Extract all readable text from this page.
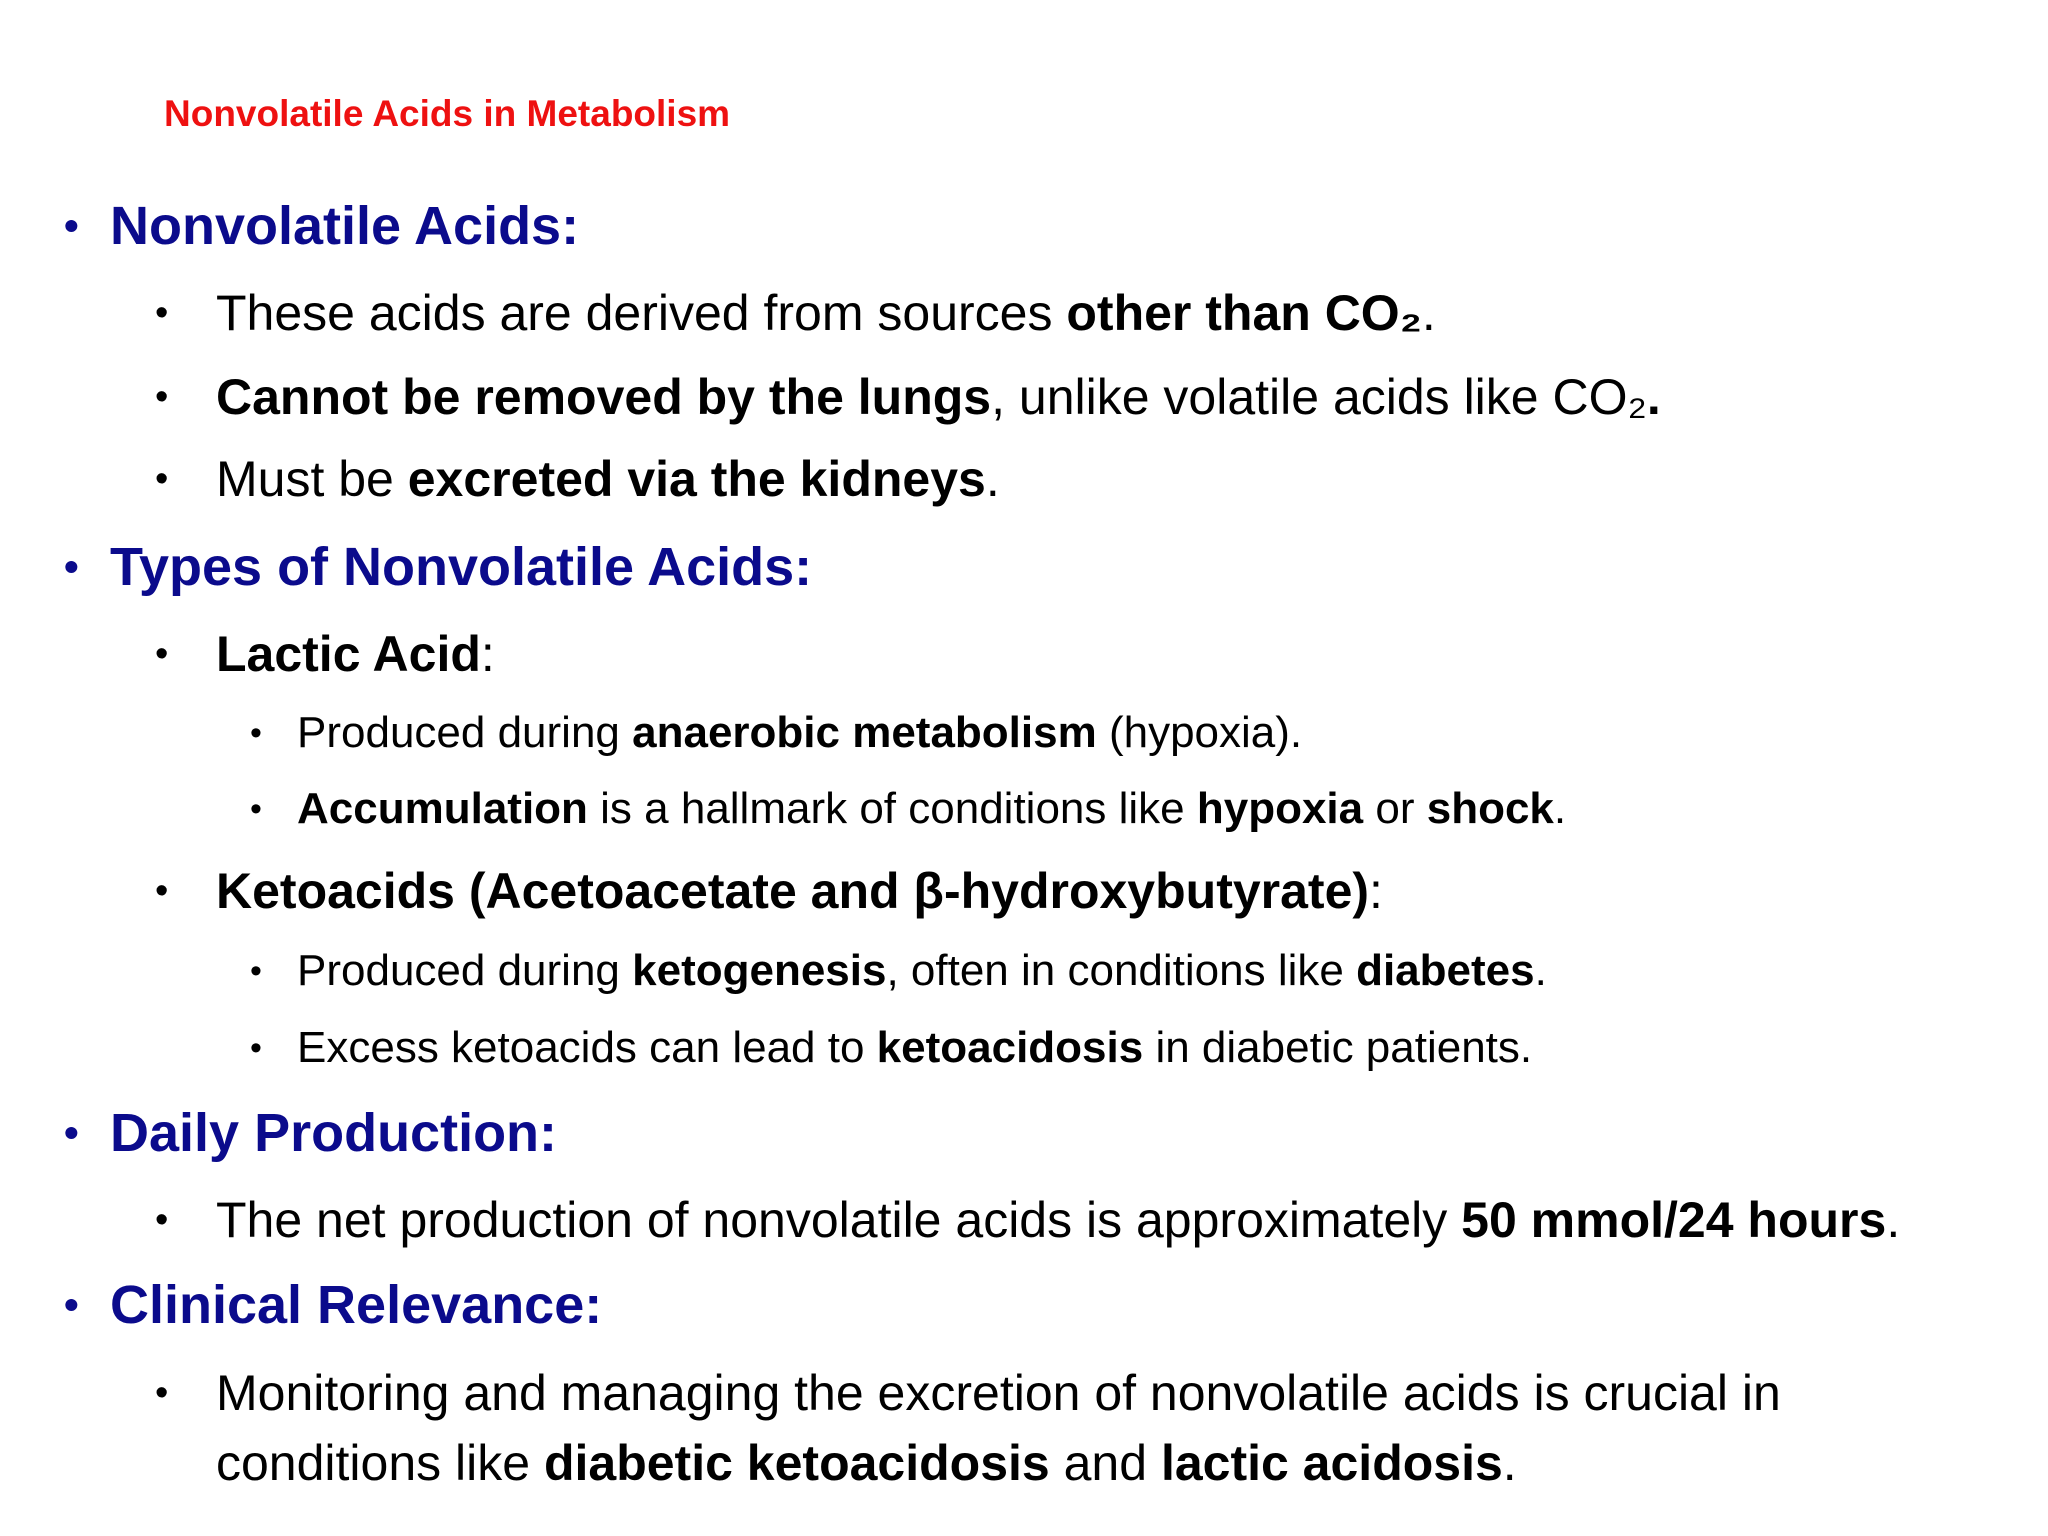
Nonvolatile Acids in Metabolism
• Nonvolatile Acids:
• These acids are derived from sources other than CO₂.
• Cannot be removed by the lungs, unlike volatile acids like CO₂.
• Must be excreted via the kidneys.
• Types of Nonvolatile Acids:
• Lactic Acid:
• Produced during anaerobic metabolism (hypoxia).
• Accumulation is a hallmark of conditions like hypoxia or shock.
• Ketoacids (Acetoacetate and β-hydroxybutyrate):
• Produced during ketogenesis, often in conditions like diabetes.
• Excess ketoacids can lead to ketoacidosis in diabetic patients.
• Daily Production:
• The net production of nonvolatile acids is approximately 50 mmol/24 hours.
• Clinical Relevance:
• Monitoring and managing the excretion of nonvolatile acids is crucial in
conditions like diabetic ketoacidosis and lactic acidosis.
